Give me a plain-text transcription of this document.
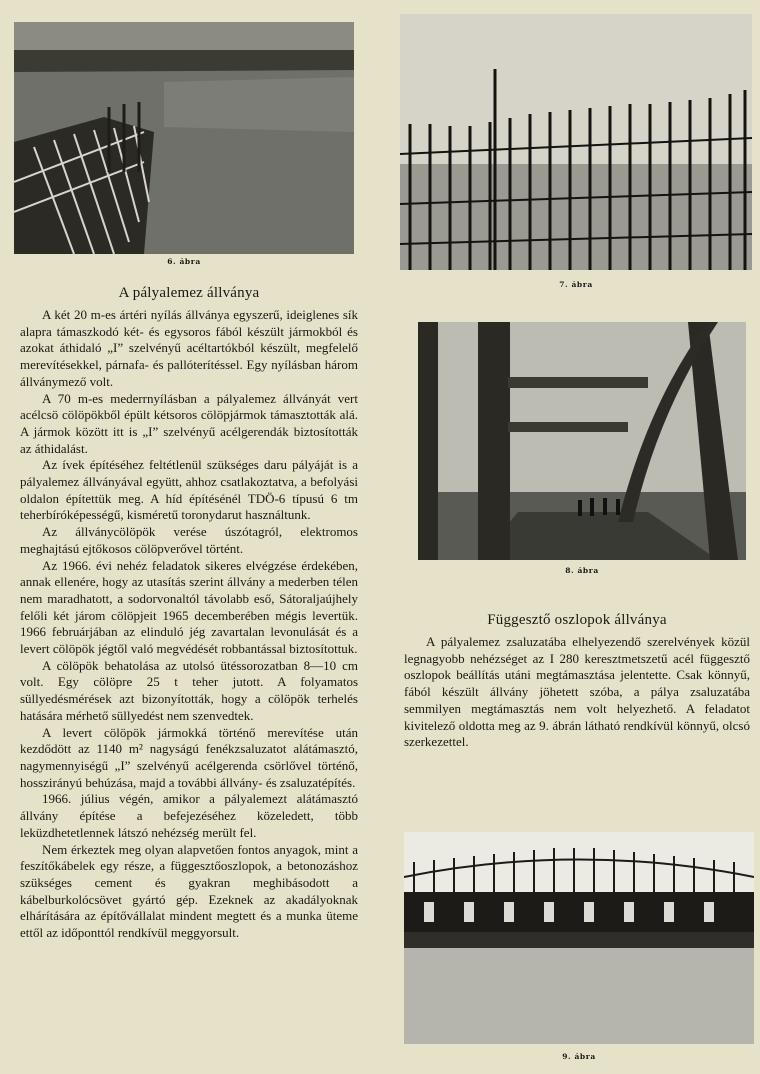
6. ábra
7. ábra
8. ábra
Függesztő oszlopok állványa

A pályalemez zsaluzatába elhelyezendő szerelvények közül legnagyobb nehézséget az I 280 keresztmetszetű acél függesztő oszlopok beállítás utáni megtámasztása jelentette. Csak könnyű, fából készült állvány jöhetett szóba, a pálya zsaluzatába semmilyen megtámasztás nem volt helyezhető. A feladatot kivitelező oldotta meg az 9. ábrán látható rendkívül könnyű, olcsó szerkezettel.

9. ábra
A pályalemez állványa

A két 20 m-es ártéri nyílás állványa egyszerű, ideiglenes sík alapra támaszkodó két- és egysoros fából készült jármokból és azokat áthidaló „I” szelvényű acéltartókból készült, megfelelő merevítésekkel, párnafa- és pallóterítéssel. Egy nyílásban három állványmező volt.

A 70 m-es mederrnyílásban a pályalemez állványát vert acélcsö cölöpökből épült kétsoros cölöpjármok támasztották alá. A jármok között itt is „I” szelvényű acélgerendák biztosították az áthidalást.

Az ívek építéséhez feltétlenül szükséges daru pályáját is a pályalemez állványával együtt, ahhoz csatlakoztatva, a befolyási oldalon építettük meg. A híd építésénél TDÖ-6 típusú 6 tm teherbíróképességű, kisméretű toronydarut használtunk.

Az állványcölöpök verése úszótagról, elektromos meghajtású ejtőkosos cölöpverővel történt.

Az 1966. évi nehéz feladatok sikeres elvégzése érdekében, annak ellenére, hogy az utasítás szerint állvány a mederben télen nem maradhatott, a sodorvonaltól távolabb eső, Sátoraljaújhely felőli két járom cölöpjeit 1965 decemberében mégis levertük. 1966 februárjában az elinduló jég zavartalan levonulását és a levert cölöpök jégtől való megvédését robbantással biztosítottuk.

A cölöpök behatolása az utolsó ütéssorozatban 8—10 cm volt. Egy cölöpre 25 t teher jutott. A folyamatos süllyedésmérések azt bizonyították, hogy a cölöpök terhelés hatására mérhető süllyedést nem szenvedtek.

A levert cölöpök jármokká történő merevítése után kezdődött az 1140 m² nagyságú fenékzsaluzatot alátámasztó, nagymennyiségű „I” szelvényű acélgerenda csörlővel történő, hosszirányú behúzása, majd a további állvány- és zsaluzatépítés.

1966. július végén, amikor a pályalemezt alátámasztó állvány építése a befejezéséhez közeledett, több leküzdhetetlennek látszó nehézség merült fel.

Nem érkeztek meg olyan alapvetően fontos anyagok, mint a feszítőkábelek egy része, a függesztőoszlopok, a betonozáshoz szükséges cement és gyakran meghibásodott a kábelburkolócsövet gyártó gép. Ezeknek az akadályoknak elhárítására az építővállalat mindent megtett és a munka üteme ettől az időponttól rendkívül meggyorsult.
